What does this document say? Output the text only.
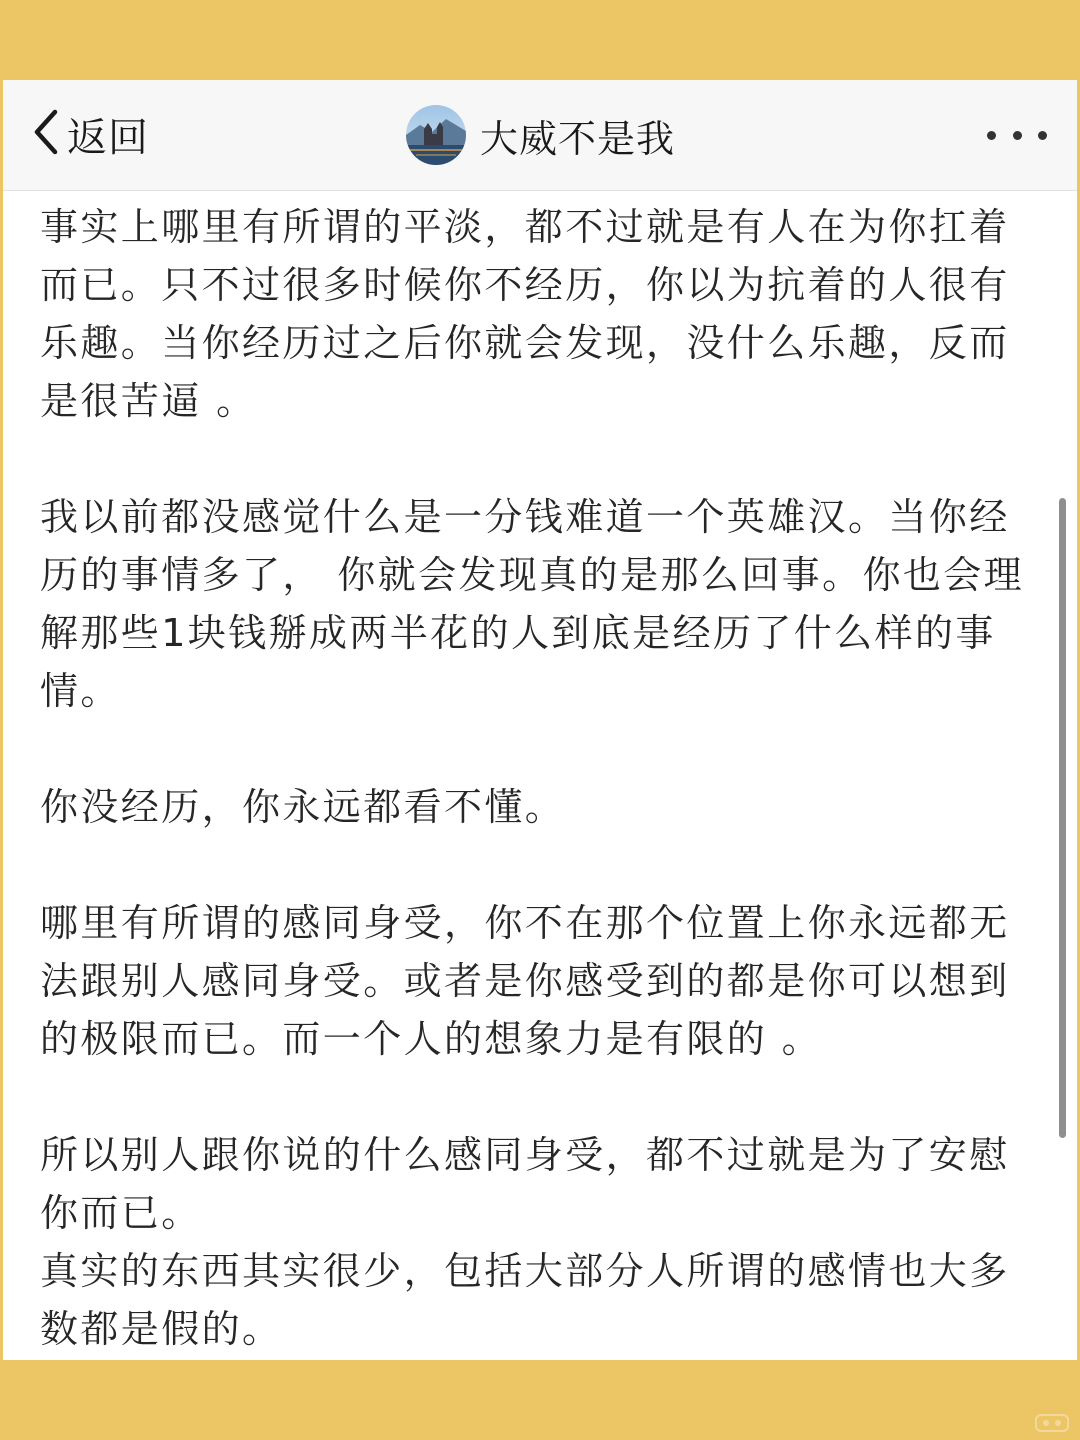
返回	大威不是我

事实上哪里有所谓的平淡，都不过就是有人在为你扛着而已。只不过很多时候你不经历，你以为抗着的人很有乐趣。当你经历过之后你就会发现，没什么乐趣，反而是很苦逼 。

我以前都没感觉什么是一分钱难道一个英雄汉。当你经历的事情多了， 你就会发现真的是那么回事。你也会理解那些1块钱掰成两半花的人到底是经历了什么样的事情。

你没经历，你永远都看不懂。

哪里有所谓的感同身受，你不在那个位置上你永远都无法跟别人感同身受。或者是你感受到的都是你可以想到的极限而已。而一个人的想象力是有限的 。

所以别人跟你说的什么感同身受，都不过就是为了安慰你而已。

真实的东西其实很少，包括大部分人所谓的感情也大多数都是假的。
